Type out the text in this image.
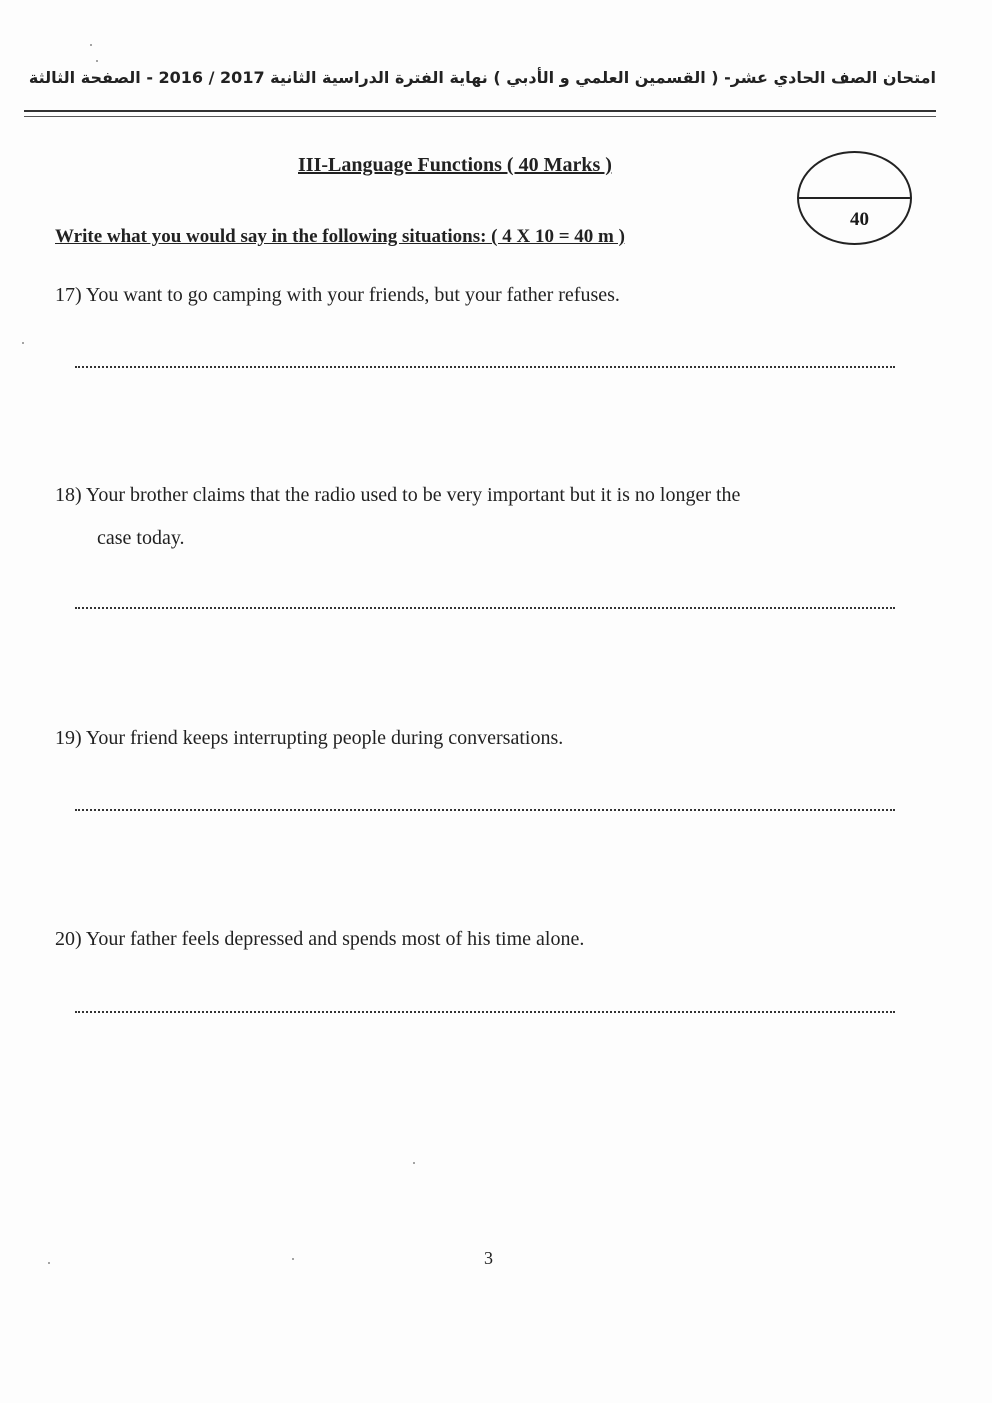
امتحان الصف الحادي عشر- ( القسمين العلمي و الأدبي ) نهاية الفترة الدراسية الثانية 2017 / 2016 - الصفحة الثالثة
III-Language Functions ( 40 Marks )
40
Write what you would say in the following situations: ( 4 X 10 = 40 m )
17) You want to go camping with your friends, but your father refuses.
18) Your brother claims that the radio used to be very important but it is no longer the
case today.
19) Your friend keeps interrupting people during conversations.
20) Your father feels depressed and spends most of his time alone.
3
